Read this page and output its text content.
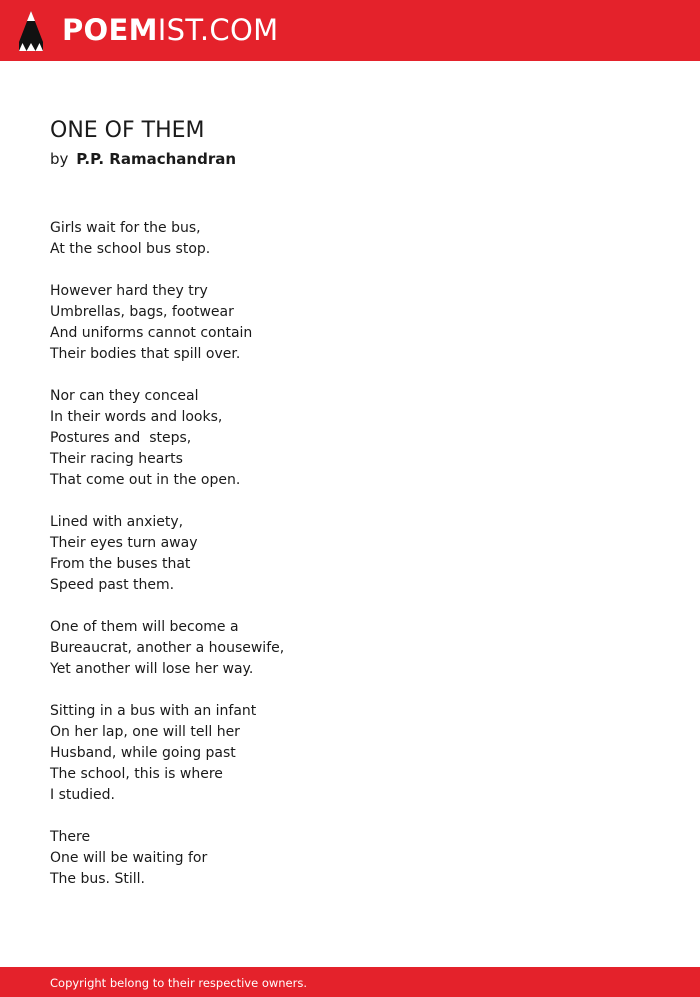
POEMIST.COM
ONE OF THEM
by P.P. Ramachandran
Girls wait for the bus,
At the school bus stop.
However hard they try
Umbrellas, bags, footwear
And uniforms cannot contain
Their bodies that spill over.
Nor can they conceal
In their words and looks,
Postures and  steps,
Their racing hearts
That come out in the open.
Lined with anxiety,
Their eyes turn away
From the buses that
Speed past them.
One of them will become a
Bureaucrat, another a housewife,
Yet another will lose her way.
Sitting in a bus with an infant
On her lap, one will tell her
Husband, while going past
The school, this is where
I studied.
There
One will be waiting for
The bus. Still.
Copyright belong to their respective owners.
